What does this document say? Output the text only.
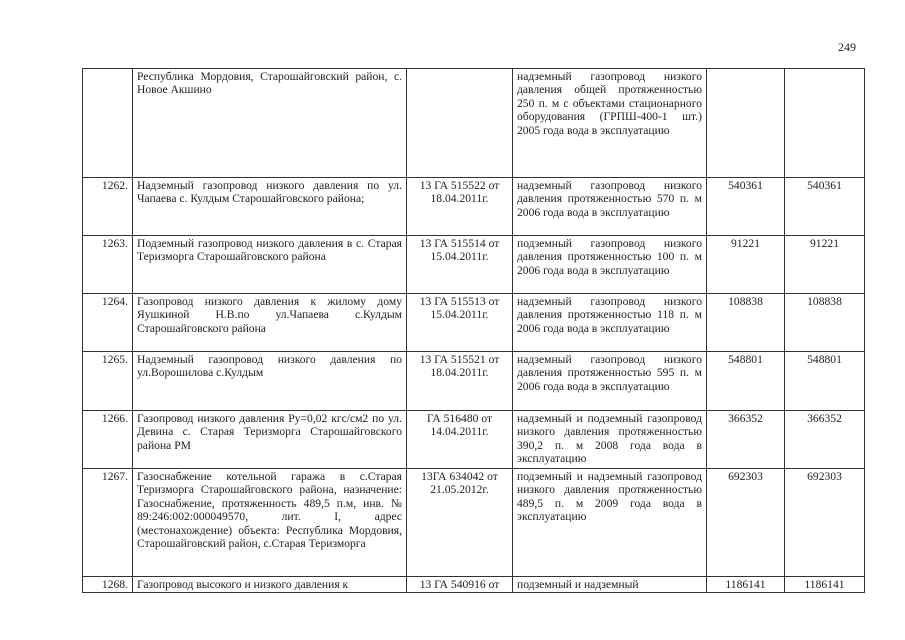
249
	Республика Мордовия, Старошайговский район, с. Новое Акшино		надземный газопровод низкого давления общей протяженностью 250 п. м с объектами стационарного оборудования (ГРПШ-400-1 шт.) 2005 года вода в эксплуатацию		
1262.	Надземный газопровод низкого давления по ул. Чапаева с. Кулдым Старошайговского района;	13 ГА 515522 от 18.04.2011г.	надземный газопровод низкого давления протяженностью 570 п. м 2006 года вода в эксплуатацию	540361	540361
1263.	Подземный газопровод низкого давления в с. Старая Теризморга Старошайговского района	13 ГА 515514 от 15.04.2011г.	подземный газопровод низкого давления протяженностью 100 п. м 2006 года вода в эксплуатацию	91221	91221
1264.	Газопровод низкого давления к жилому дому Яушкиной Н.В.по ул.Чапаева с.Кулдым Старошайговского района	13 ГА 515513 от 15.04.2011г.	надземный газопровод низкого давления протяженностью 118 п. м 2006 года вода в эксплуатацию	108838	108838
1265.	Надземный газопровод низкого давления по ул.Ворошилова с.Кулдым	13 ГА 515521 от 18.04.2011г.	надземный газопровод низкого давления протяженностью 595 п. м 2006 года вода в эксплуатацию	548801	548801
1266.	Газопровод низкого давления Ру=0,02 кгс/см2 по ул. Девина с. Старая Теризморга Старошайговского района РМ	ГА 516480 от 14.04.2011г.	надземный и подземный газопровод низкого давления протяженностью 390,2 п. м 2008 года вода в эксплуатацию	366352	366352
1267.	Газоснабжение котельной гаража в с.Старая Теризморга Старошайговского района, назначение: Газоснабжение, протяженность 489,5 п.м, инв. № 89:246:002:000049570, лит. I, адрес (местонахождение) объекта: Республика Мордовия, Старошайговский район, с.Старая Теризморга	13ГА 634042 от 21.05.2012г.	подземный и надземный газопровод низкого давления протяженностью 489,5 п. м 2009 года вода в эксплуатацию	692303	692303
1268.	Газопровод высокого и низкого давления к	13 ГА 540916 от	подземный и надземный	1186141	1186141
